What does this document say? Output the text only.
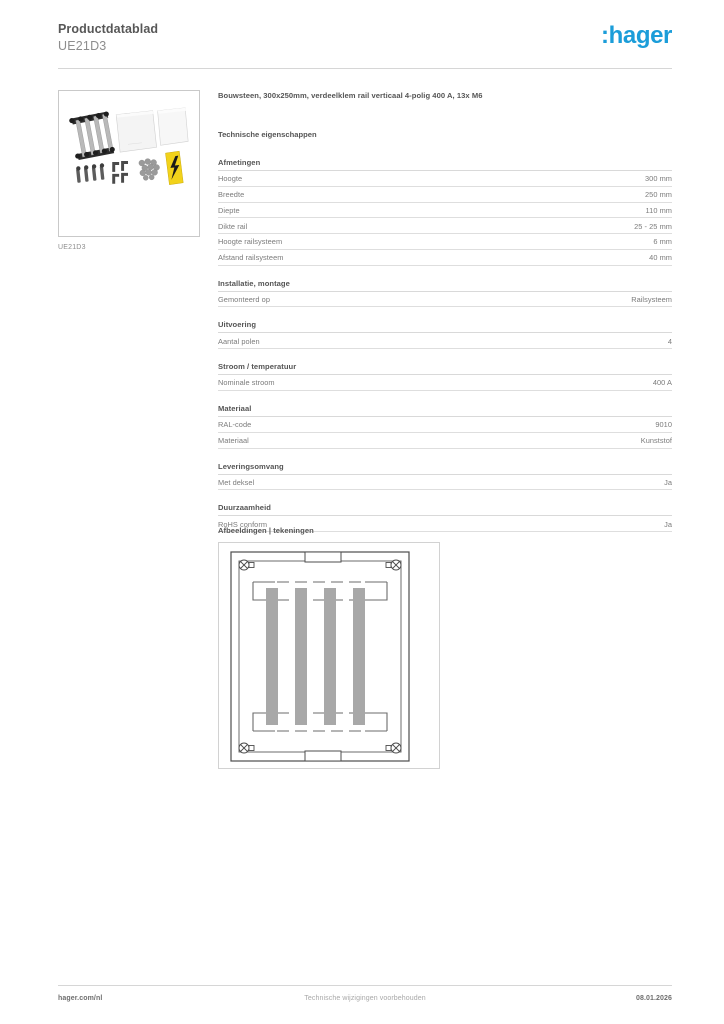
Productdatablad
UE21D3	:hager
UE21D3
Bouwsteen, 300x250mm, verdeelklem rail verticaal 4-polig 400 A, 13x M6
Technische eigenschappen
Afmetingen
Hoogte	300 mm
Breedte	250 mm
Diepte	110 mm
Dikte rail	25 - 25 mm
Hoogte railsysteem	6 mm
Afstand railsysteem	40 mm
Installatie, montage
Gemonteerd op	Railsysteem
Uitvoering
Aantal polen	4
Stroom / temperatuur
Nominale stroom	400 A
Materiaal
RAL-code	9010
Materiaal	Kunststof
Leveringsomvang
Met deksel	Ja
Duurzaamheid
RoHS conform	Ja
Afbeeldingen | tekeningen
hager.com/nl	Technische wijzigingen voorbehouden	08.01.2026
